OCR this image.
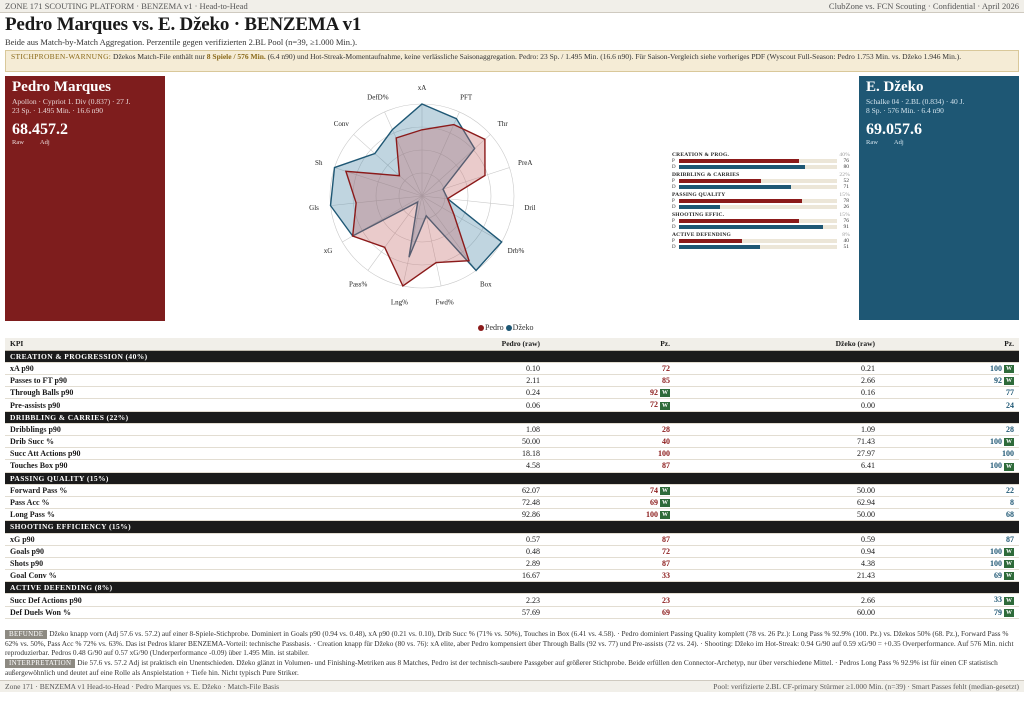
ZONE 171 SCOUTING PLATFORM · BENZEMA v1 · Head-to-Head	ClubZone vs. FCN Scouting · Confidential · April 2026
Pedro Marques vs. E. Džeko · BENZEMA v1
Beide aus Match-by-Match Aggregation. Perzentile gegen verifizierten 2.BL Pool (n=39, ≥1.000 Min.).
STICHPROBEN-WARNUNG: Džekos Match-File enthält nur 8 Spiele / 576 Min. (6.4 n90) und Hot-Streak-Momentaufnahme, keine verlässliche Saisonaggregation. Pedro: 23 Sp. / 1.495 Min. (16.6 n90). Für Saison-Vergleich siehe vorheriges PDF (Wyscout Full-Season: Pedro 1.753 Min. vs. Džeko 1.946 Min.).
Pedro Marques
Apollon · Cypriot 1. Div (0.837) · 27 J.
23 Sp. · 1.495 Min. · 16.6 n90
68.457.2
Raw Adj
E. Džeko
Schalke 04 · 2.BL (0.834) · 40 J.
8 Sp. · 576 Min. · 6.4 n90
69.057.6
Raw Adj
xA
PFT
Thr
PreA
Dril
Drb%
Box
Fwd%
Lng%
Pass%
xG
Gls
Sh
Conv
DefD%
Pedro Džeko
CREATION & PROG.	40%
P	76
D	80
DRIBBLING & CARRIES	22%
P	52
D	71
PASSING QUALITY	15%
P	78
D	26
SHOOTING EFFIC.	15%
P	76
D	91
ACTIVE DEFENDING	8%
P	40
D	51
KPI	Pedro (raw)	Pz.	Džeko (raw)	Pz.
CREATION & PROGRESSION (40%)				
xA p90	0.10	72	0.21	100 W
Passes to FT p90	2.11	85	2.66	92 W
Through Balls p90	0.24	92 W	0.16	77
Pre-assists p90	0.06	72 W	0.00	24
DRIBBLING & CARRIES (22%)				
Dribblings p90	1.08	28	1.09	28
Drib Succ %	50.00	40	71.43	100 W
Succ Att Actions p90	18.18	100	27.97	100
Touches Box p90	4.58	87	6.41	100 W
PASSING QUALITY (15%)				
Forward Pass %	62.07	74 W	50.00	22
Pass Acc %	72.48	69 W	62.94	8
Long Pass %	92.86	100 W	50.00	68
SHOOTING EFFICIENCY (15%)				
xG p90	0.57	87	0.59	87
Goals p90	0.48	72	0.94	100 W
Shots p90	2.89	87	4.38	100 W
Goal Conv %	16.67	33	21.43	69 W
ACTIVE DEFENDING (8%)				
Succ Def Actions p90	2.23	23	2.66	33 W
Def Duels Won %	57.69	69	60.00	79 W
BEFUNDE Džeko knapp vorn (Adj 57.6 vs. 57.2) auf einer 8-Spiele-Stichprobe. Dominiert in Goals p90 (0.94 vs. 0.48), xA p90 (0.21 vs. 0.10), Drib Succ % (71% vs. 50%), Touches in Box (6.41 vs. 4.58). · Pedro dominiert Passing Quality komplett (78 vs. 26 Pz.): Long Pass % 92.9% (100. Pz.) vs. Džekos 50% (68. Pz.), Forward Pass % 62% vs. 50%, Pass Acc % 72% vs. 63%. Das ist Pedros klarer BENZEMA-Vorteil: technische Passbasis. · Creation knapp für Džeko (80 vs. 76): xA elite, aber Pedro kompensiert über Through Balls (92 vs. 77) und Pre-assists (72 vs. 24). · Shooting: Džeko im Hot-Streak: 0.94 G/90 auf 0.59 xG/90 = +0.35 Overperformance. Auf 576 Min. nicht reproduzierbar. Pedros 0.48 G/90 auf 0.57 xG/90 (Underperformance -0.09) über 1.495 Min. ist stabiler.
INTERPRETATION Die 57.6 vs. 57.2 Adj ist praktisch ein Unentschieden. Džeko glänzt in Volumen- und Finishing-Metriken aus 8 Matches, Pedro ist der technisch-saubere Passgeber auf größerer Stichprobe. Beide erfüllen den Connector-Archetyp, nur über verschiedene Mittel. · Pedros Long Pass % 92.9% ist für einen CF statistisch außergewöhnlich und deutet auf eine Rolle als Anspielstation + Tiefe hin. Nicht typisch Pure Striker.
Zone 171 · BENZEMA v1 Head-to-Head · Pedro Marques vs. E. Džeko · Match-File Basis	Pool: verifizierte 2.BL CF-primary Stürmer ≥1.000 Min. (n=39) · Smart Passes fehlt (median-gesetzt)
